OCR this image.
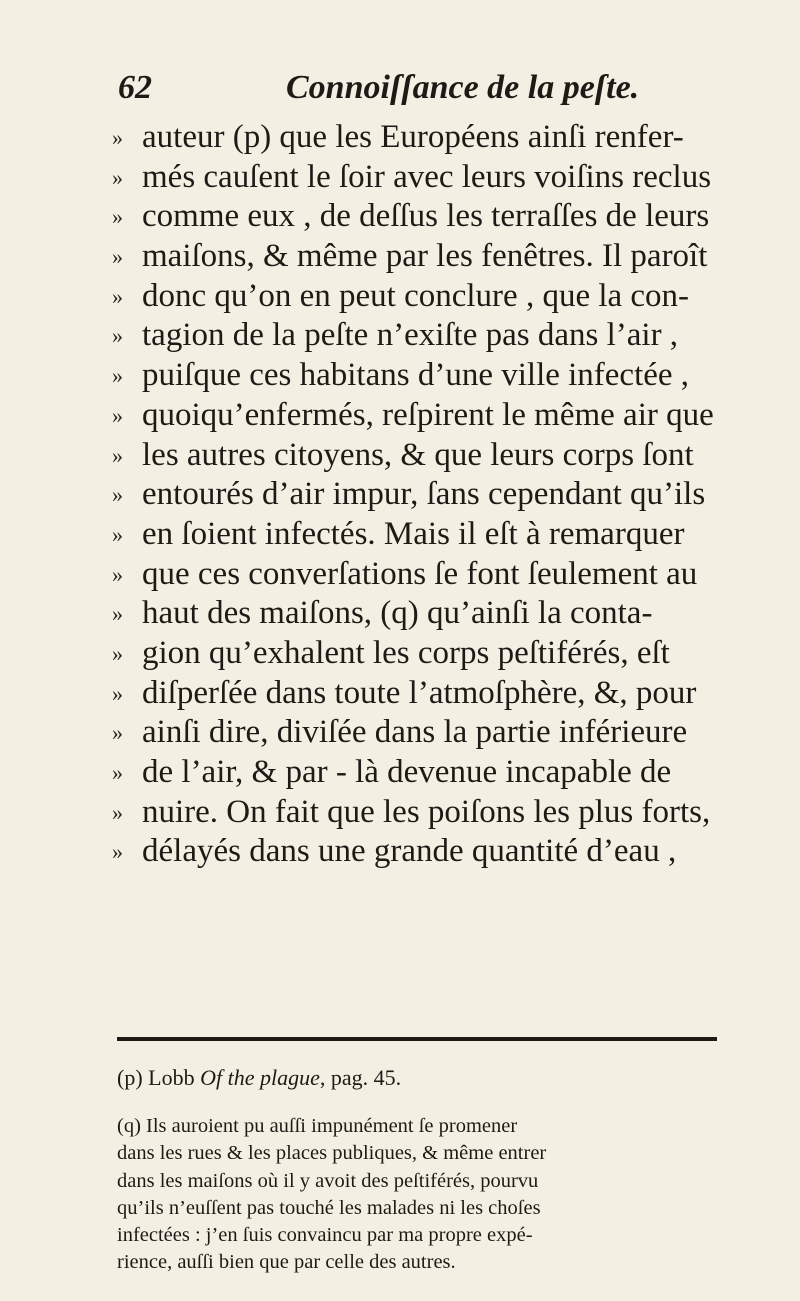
62	Connoiſſance de la peſte.
» auteur (p) que les Européens ainſi renfer-
» més cauſent le ſoir avec leurs voiſins reclus
» comme eux , de deſſus les terraſſes de leurs
» maiſons, & même par les fenêtres. Il paroît
» donc qu’on en peut conclure , que la con-
» tagion de la peſte n’exiſte pas dans l’air ,
» puiſque ces habitans d’une ville infectée ,
» quoiqu’enfermés, reſpirent le même air que
» les autres citoyens, & que leurs corps ſont
» entourés d’air impur, ſans cependant qu’ils
» en ſoient infectés. Mais il eſt à remarquer
» que ces converſations ſe font ſeulement au
» haut des maiſons, (q) qu’ainſi la conta-
» gion qu’exhalent les corps peſtiférés, eſt
» diſperſée dans toute l’atmoſphère, &, pour
» ainſi dire, diviſée dans la partie inférieure
» de l’air, & par - là devenue incapable de
» nuire. On fait que les poiſons les plus forts,
» délayés dans une grande quantité d’eau ,
(p) Lobb Of the plague, pag. 45.
(q) Ils auroient pu auſſi impunément ſe promener
dans les rues & les places publiques, & même entrer
dans les maiſons où il y avoit des peſtiférés, pourvu
qu’ils n’euſſent pas touché les malades ni les choſes
infectées : j’en ſuis convaincu par ma propre expé-
rience, auſſi bien que par celle des autres.
